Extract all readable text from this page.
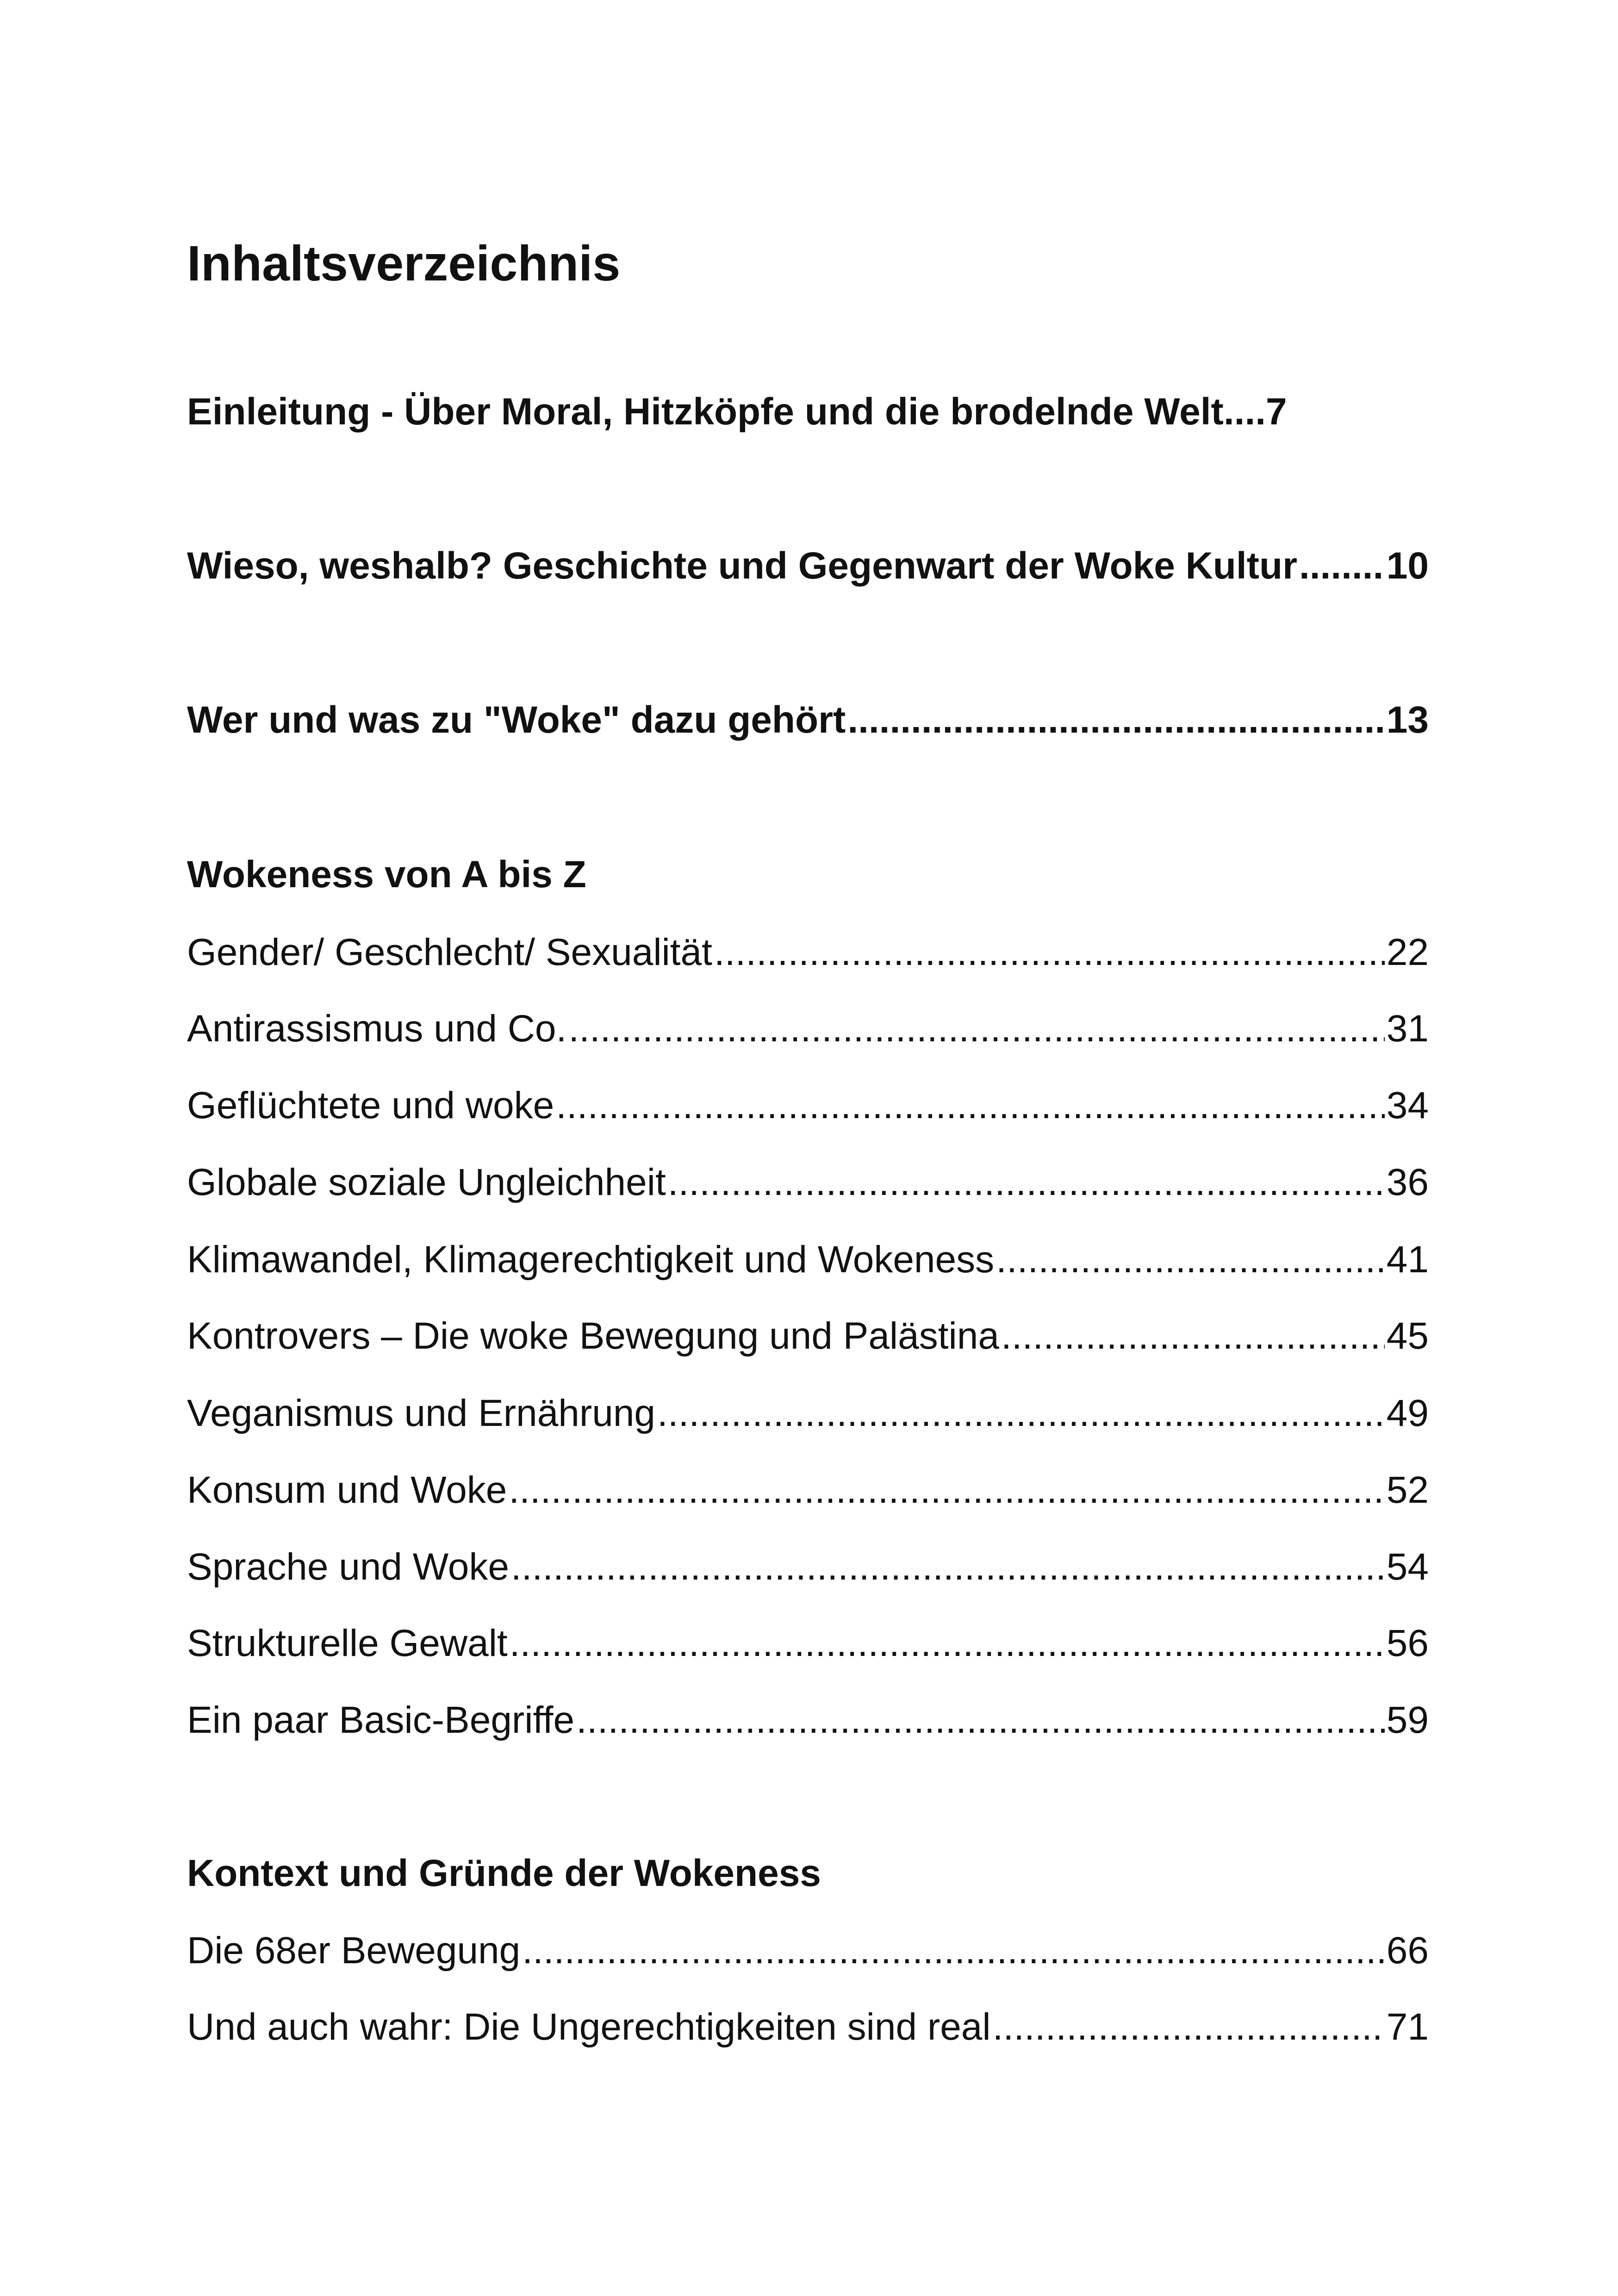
Inhaltsverzeichnis
Einleitung - Über Moral, Hitzköpfe und die brodelnde Welt....7
Wieso, weshalb? Geschichte und Gegenwart der Woke Kultur ..... 10
Wer und was zu "Woke" dazu gehört .....	13
Wokeness von A bis Z
Gender/ Geschlecht/ Sexualität .....	22
Antirassismus und Co. .....	31
Geflüchtete und woke .....	34
Globale soziale Ungleichheit .....	36
Klimawandel, Klimagerechtigkeit und Wokeness .....	41
Kontrovers – Die woke Bewegung und Palästina .....	45
Veganismus und Ernährung .....	49
Konsum und Woke .....	52
Sprache und Woke .....	54
Strukturelle Gewalt .....	56
Ein paar Basic-Begriffe .....	59
Kontext und Gründe der Wokeness
Die 68er Bewegung .....	66
Und auch wahr: Die Ungerechtigkeiten sind real .....	71
